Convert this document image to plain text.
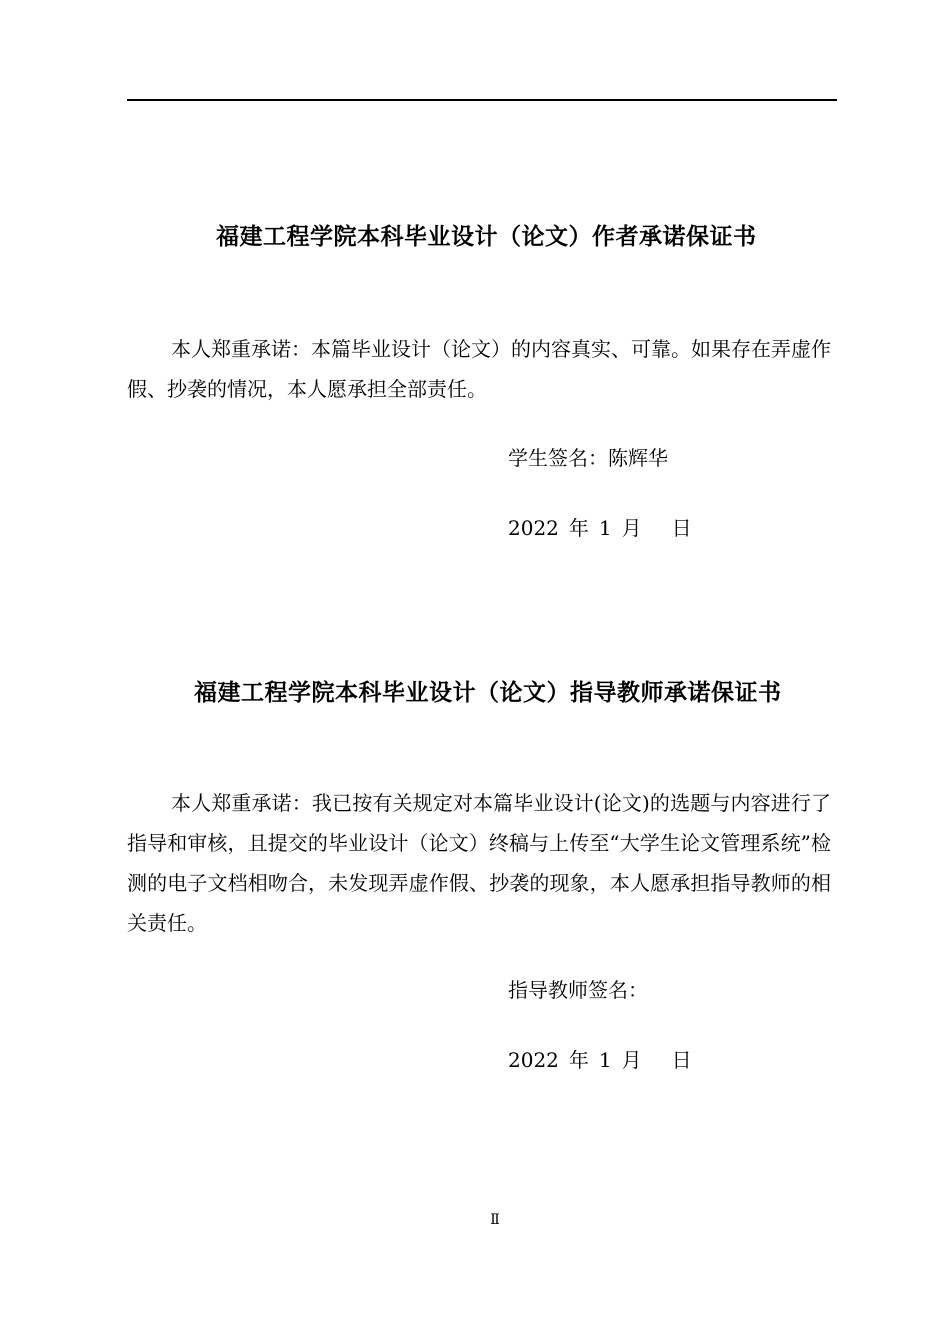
福建工程学院本科毕业设计（论文）作者承诺保证书
本人郑重承诺：本篇毕业设计（论文）的内容真实、可靠。如果存在弄虚作假、抄袭的情况，本人愿承担全部责任。
学生签名：陈辉华
2022 年 1 月 日
福建工程学院本科毕业设计（论文）指导教师承诺保证书
本人郑重承诺：我已按有关规定对本篇毕业设计(论文)的选题与内容进行了指导和审核，且提交的毕业设计（论文）终稿与上传至“大学生论文管理系统”检测的电子文档相吻合，未发现弄虚作假、抄袭的现象，本人愿承担指导教师的相关责任。
指导教师签名：
2022 年 1 月 日
Ⅱ
